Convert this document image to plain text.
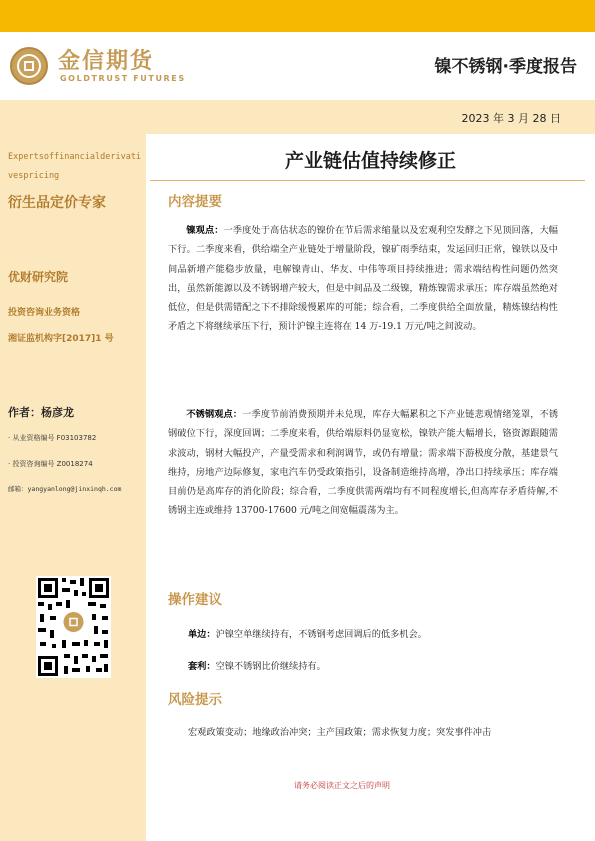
金信期货
GOLDTRUST FUTURES
镍不锈钢·季度报告
2023 年 3 月 28 日
Expertsoffinancialderivativespricing
衍生品定价专家
优财研究院
投资咨询业务资格
湘证监机构字[2017]1 号
作者：杨彦龙
· 从业资格编号 F03103782
· 投资咨询编号 Z0018274
邮箱：yangyanlong@jinxinqh.com
产业链估值持续修正
内容提要
镍观点：一季度处于高估状态的镍价在节后需求缩量以及宏观利空发酵之下见顶回落，大幅下行。二季度来看，供给端全产业链处于增量阶段，镍矿雨季结束，发运回归正常，镍铁以及中间品新增产能稳步放量，电解镍青山、华友、中伟等项目持续推进；需求端结构性问题仍然突出，虽然新能源以及不锈钢增产较大，但是中间品及二级镍，精炼镍需求承压；库存端虽然绝对低位，但是供需错配之下不排除缓慢累库的可能；综合看，二季度供给全面放量，精炼镍结构性矛盾之下将继续承压下行，预计沪镍主连将在 14 万-19.1 万元/吨之间波动。
不锈钢观点：一季度节前消费预期并未兑现，库存大幅累积之下产业链悲观情绪笼罩，不锈钢破位下行，深度回调；二季度来看，供给端原料仍显宽松，镍铁产能大幅增长，铬资源跟随需求波动，钢材大幅投产，产量受需求和利润调节，或仍有增量；需求端下游极度分散，基建景气维持，房地产边际修复，家电汽车仍受政策指引，设备制造维持高增，净出口持续承压；库存端目前仍是高库存的消化阶段；综合看，二季度供需两端均有不同程度增长,但高库存矛盾待解,不锈钢主连或维持 13700-17600 元/吨之间宽幅震荡为主。
操作建议
单边：沪镍空单继续持有，不锈钢考虑回调后的低多机会。
套利：空镍不锈钢比价继续持有。
风险提示
宏观政策变动；地缘政治冲突；主产国政策；需求恢复力度；突发事件冲击
请务必阅读正文之后的声明
